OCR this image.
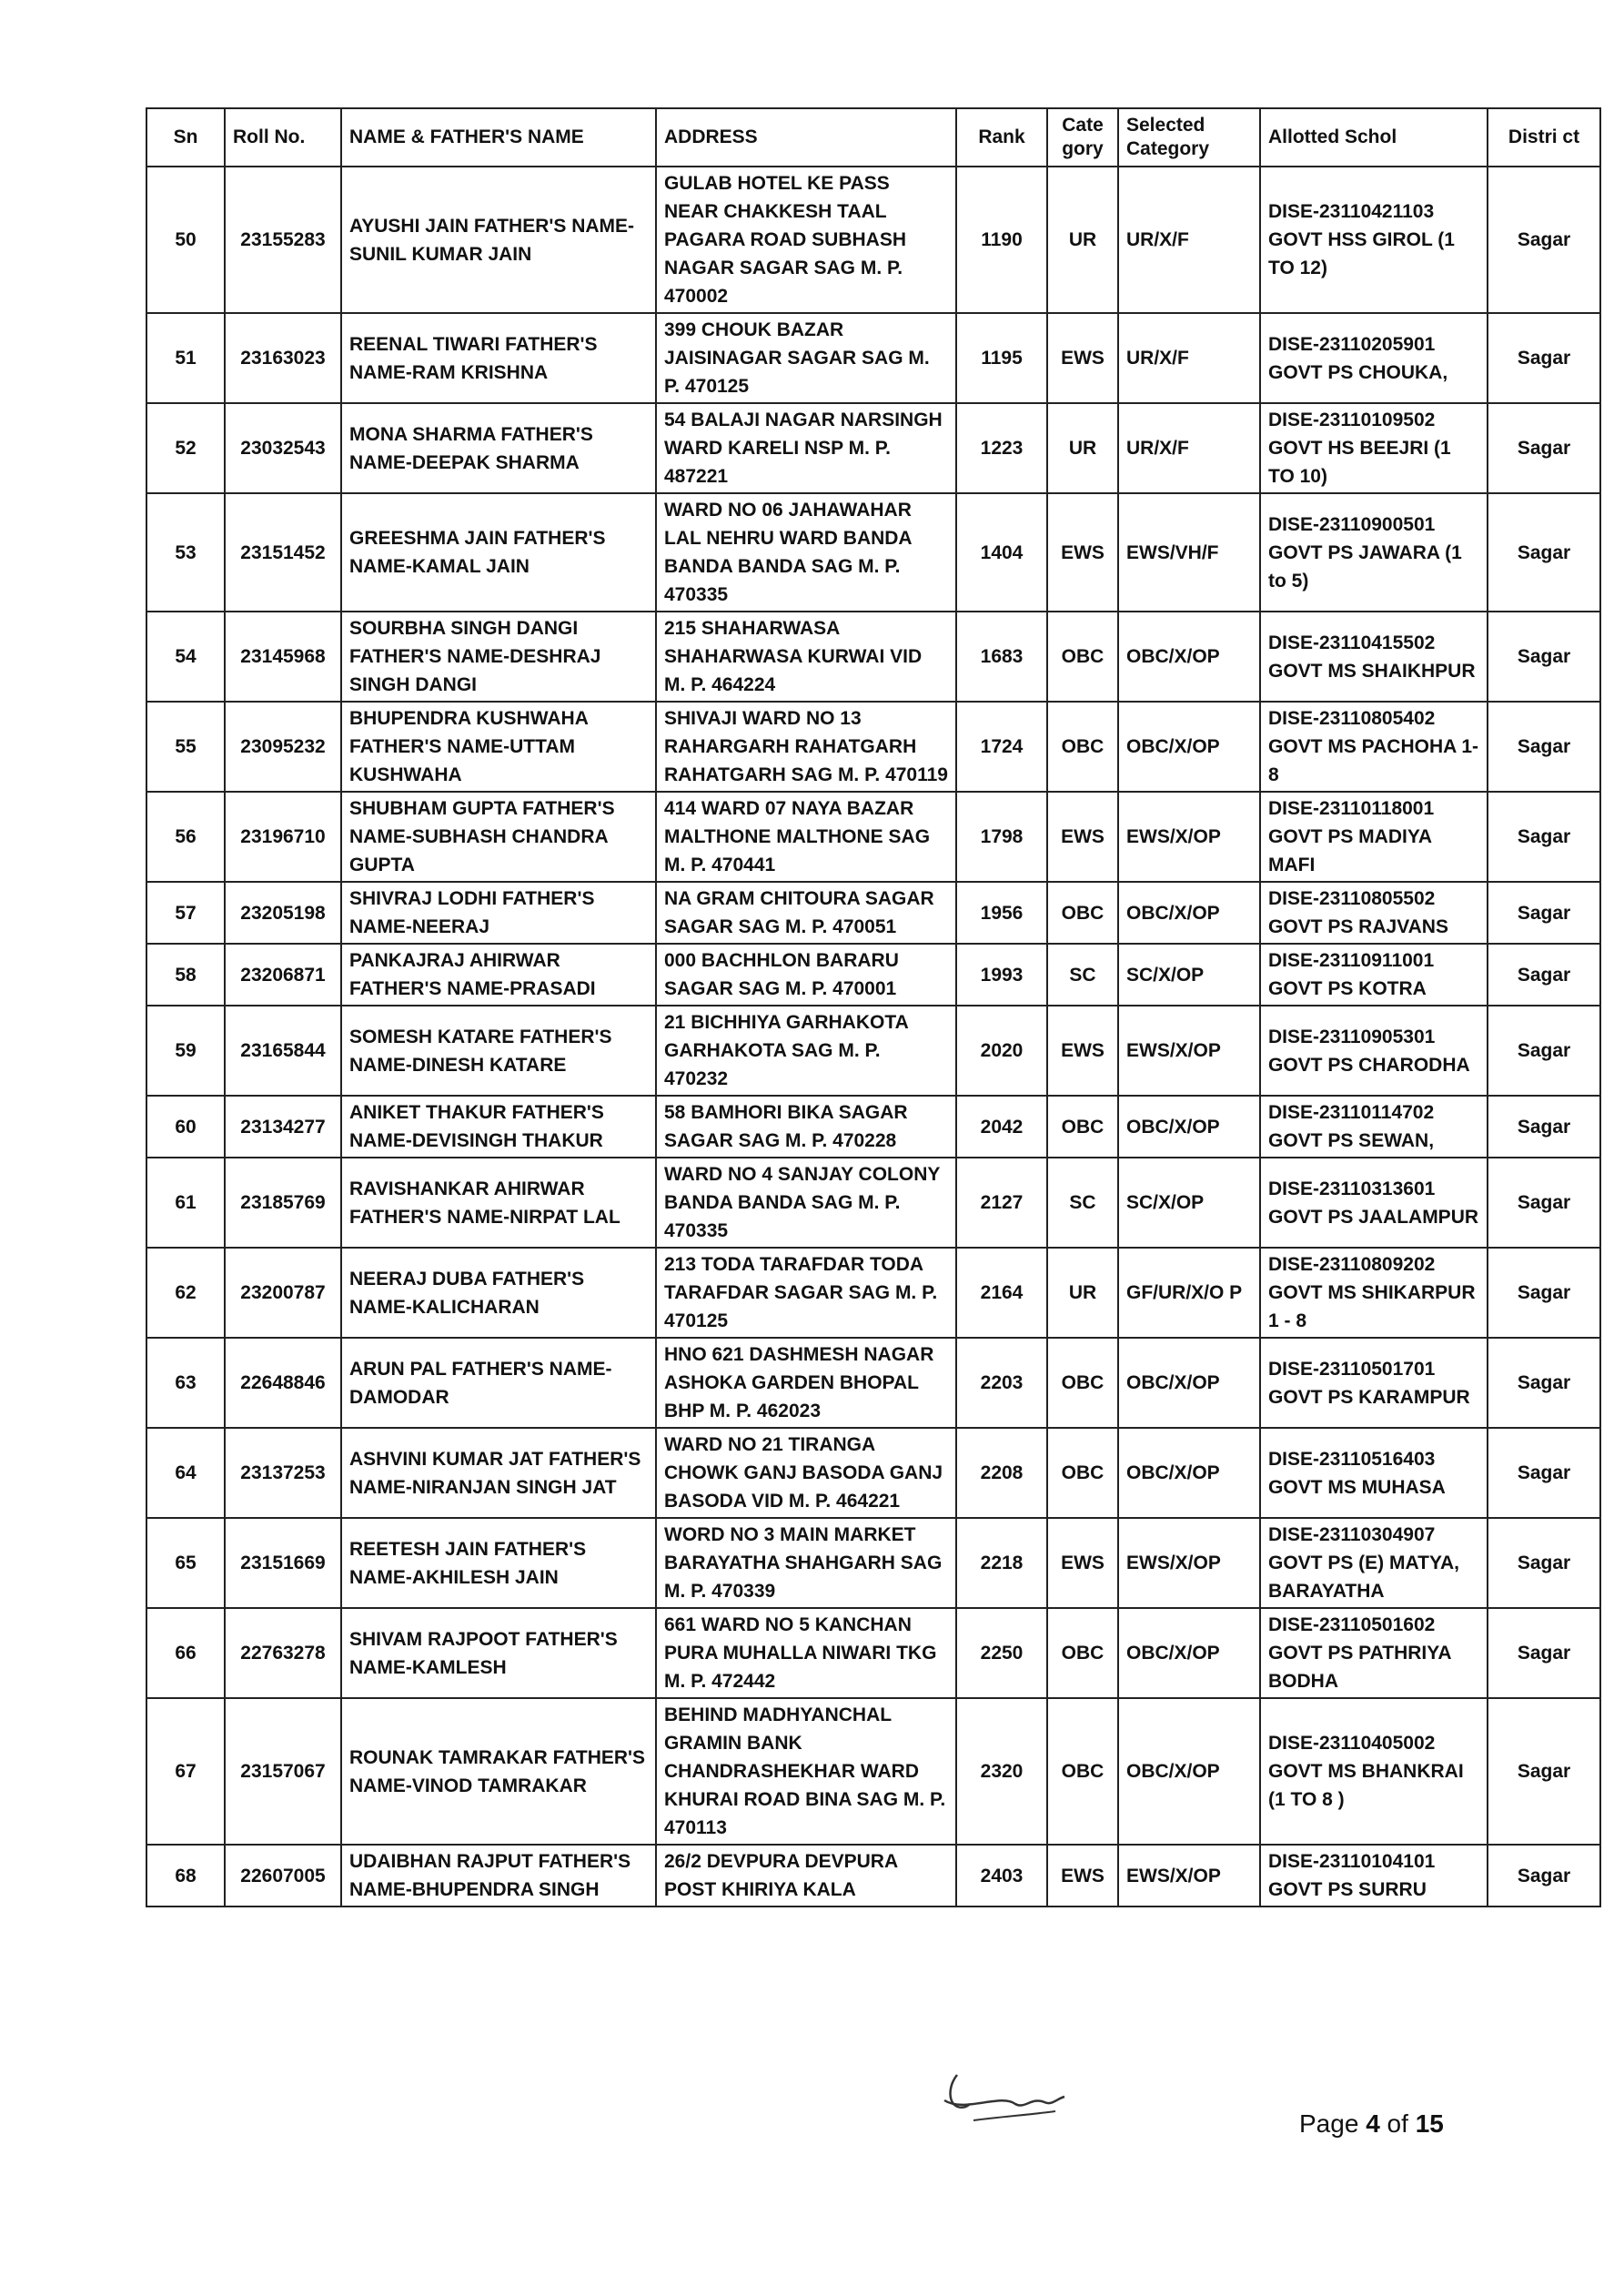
Sn	Roll No.	NAME & FATHER'S NAME	ADDRESS	Rank	Cate gory	Selected Category	Allotted Schol	Distri ct
50	23155283	AYUSHI JAIN FATHER'S NAME-SUNIL KUMAR JAIN	GULAB HOTEL KE PASS NEAR CHAKKESH TAAL PAGARA ROAD SUBHASH NAGAR SAGAR SAG M. P. 470002	1190	UR	UR/X/F	DISE-23110421103 GOVT HSS GIROL (1 TO 12)	Sagar
51	23163023	REENAL TIWARI FATHER'S NAME-RAM KRISHNA	399 CHOUK BAZAR JAISINAGAR SAGAR SAG M. P. 470125	1195	EWS	UR/X/F	DISE-23110205901 GOVT PS CHOUKA,	Sagar
52	23032543	MONA SHARMA FATHER'S NAME-DEEPAK SHARMA	54 BALAJI NAGAR NARSINGH WARD KARELI NSP M. P. 487221	1223	UR	UR/X/F	DISE-23110109502 GOVT HS BEEJRI (1 TO 10)	Sagar
53	23151452	GREESHMA JAIN FATHER'S NAME-KAMAL JAIN	WARD NO 06 JAHAWAHAR LAL NEHRU WARD BANDA BANDA BANDA SAG M. P. 470335	1404	EWS	EWS/VH/F	DISE-23110900501 GOVT PS JAWARA (1 to 5)	Sagar
54	23145968	SOURBHA SINGH DANGI FATHER'S NAME-DESHRAJ SINGH DANGI	215 SHAHARWASA SHAHARWASA KURWAI VID M. P. 464224	1683	OBC	OBC/X/OP	DISE-23110415502 GOVT MS SHAIKHPUR	Sagar
55	23095232	BHUPENDRA KUSHWAHA FATHER'S NAME-UTTAM KUSHWAHA	SHIVAJI WARD NO 13 RAHARGARH RAHATGARH RAHATGARH SAG M. P. 470119	1724	OBC	OBC/X/OP	DISE-23110805402 GOVT MS PACHOHA 1- 8	Sagar
56	23196710	SHUBHAM GUPTA FATHER'S NAME-SUBHASH CHANDRA GUPTA	414 WARD 07 NAYA BAZAR MALTHONE MALTHONE SAG M. P. 470441	1798	EWS	EWS/X/OP	DISE-23110118001 GOVT PS MADIYA MAFI	Sagar
57	23205198	SHIVRAJ LODHI FATHER'S NAME-NEERAJ	NA GRAM CHITOURA SAGAR SAGAR SAG M. P. 470051	1956	OBC	OBC/X/OP	DISE-23110805502 GOVT PS RAJVANS	Sagar
58	23206871	PANKAJRAJ AHIRWAR FATHER'S NAME-PRASADI	000 BACHHLON BARARU SAGAR SAG M. P. 470001	1993	SC	SC/X/OP	DISE-23110911001 GOVT PS KOTRA	Sagar
59	23165844	SOMESH KATARE FATHER'S NAME-DINESH KATARE	21 BICHHIYA GARHAKOTA GARHAKOTA SAG M. P. 470232	2020	EWS	EWS/X/OP	DISE-23110905301 GOVT PS CHARODHA	Sagar
60	23134277	ANIKET THAKUR FATHER'S NAME-DEVISINGH THAKUR	58 BAMHORI BIKA SAGAR SAGAR SAG M. P. 470228	2042	OBC	OBC/X/OP	DISE-23110114702 GOVT PS SEWAN,	Sagar
61	23185769	RAVISHANKAR AHIRWAR FATHER'S NAME-NIRPAT LAL	WARD NO 4 SANJAY COLONY BANDA BANDA SAG M. P. 470335	2127	SC	SC/X/OP	DISE-23110313601 GOVT PS JAALAMPUR	Sagar
62	23200787	NEERAJ DUBA FATHER'S NAME-KALICHARAN	213 TODA TARAFDAR TODA TARAFDAR SAGAR SAG M. P. 470125	2164	UR	GF/UR/X/O P	DISE-23110809202 GOVT MS SHIKARPUR 1 - 8	Sagar
63	22648846	ARUN PAL FATHER'S NAME-DAMODAR	HNO 621 DASHMESH NAGAR ASHOKA GARDEN BHOPAL BHP M. P. 462023	2203	OBC	OBC/X/OP	DISE-23110501701 GOVT PS KARAMPUR	Sagar
64	23137253	ASHVINI KUMAR JAT FATHER'S NAME-NIRANJAN SINGH JAT	WARD NO 21 TIRANGA CHOWK GANJ BASODA GANJ BASODA VID M. P. 464221	2208	OBC	OBC/X/OP	DISE-23110516403 GOVT MS MUHASA	Sagar
65	23151669	REETESH JAIN FATHER'S NAME-AKHILESH JAIN	WORD NO 3 MAIN MARKET BARAYATHA SHAHGARH SAG M. P. 470339	2218	EWS	EWS/X/OP	DISE-23110304907 GOVT PS (E) MATYA, BARAYATHA	Sagar
66	22763278	SHIVAM RAJPOOT FATHER'S NAME-KAMLESH	661 WARD NO 5 KANCHAN PURA MUHALLA NIWARI TKG M. P. 472442	2250	OBC	OBC/X/OP	DISE-23110501602 GOVT PS PATHRIYA BODHA	Sagar
67	23157067	ROUNAK TAMRAKAR FATHER'S NAME-VINOD TAMRAKAR	BEHIND MADHYANCHAL GRAMIN BANK CHANDRASHEKHAR WARD KHURAI ROAD BINA SAG M. P. 470113	2320	OBC	OBC/X/OP	DISE-23110405002 GOVT MS BHANKRAI (1 TO 8 )	Sagar
68	22607005	UDAIBHAN RAJPUT FATHER'S NAME-BHUPENDRA SINGH	26/2 DEVPURA DEVPURA POST KHIRIYA KALA	2403	EWS	EWS/X/OP	DISE-23110104101 GOVT PS SURRU	Sagar
Page 4 of 15
